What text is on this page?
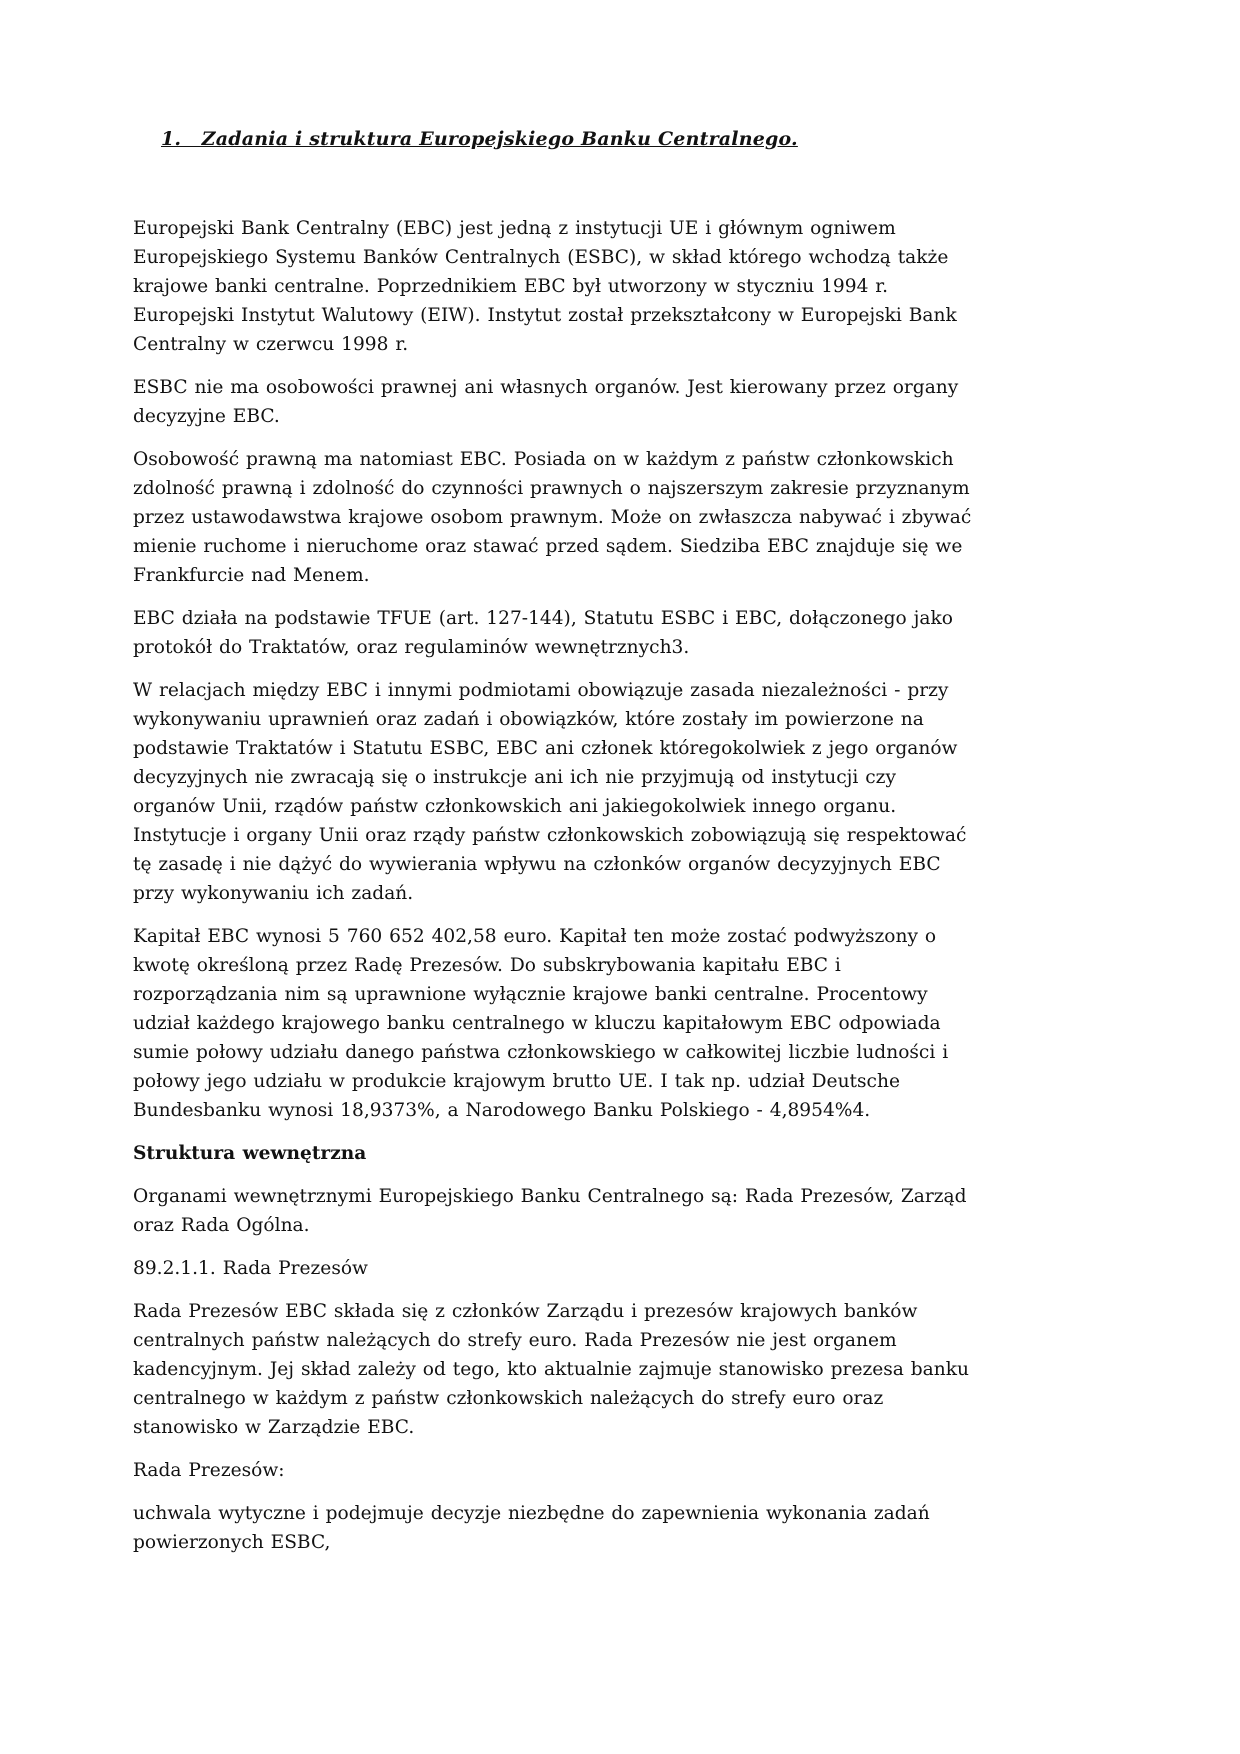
1.   Zadania i struktura Europejskiego Banku Centralnego.

Europejski Bank Centralny (EBC) jest jedną z instytucji UE i głównym ogniwem Europejskiego Systemu Banków Centralnych (ESBC), w skład którego wchodzą także krajowe banki centralne. Poprzednikiem EBC był utworzony w styczniu 1994 r. Europejski Instytut Walutowy (EIW). Instytut został przekształcony w Europejski Bank Centralny w czerwcu 1998 r.

ESBC nie ma osobowości prawnej ani własnych organów. Jest kierowany przez organy decyzyjne EBC.

Osobowość prawną ma natomiast EBC. Posiada on w każdym z państw członkowskich zdolność prawną i zdolność do czynności prawnych o najszerszym zakresie przyznanym przez ustawodawstwa krajowe osobom prawnym. Może on zwłaszcza nabywać i zbywać mienie ruchome i nieruchome oraz stawać przed sądem. Siedziba EBC znajduje się we Frankfurcie nad Menem.

EBC działa na podstawie TFUE (art. 127-144), Statutu ESBC i EBC, dołączonego jako protokół do Traktatów, oraz regulaminów wewnętrznych3.

W relacjach między EBC i innymi podmiotami obowiązuje zasada niezależności - przy wykonywaniu uprawnień oraz zadań i obowiązków, które zostały im powierzone na podstawie Traktatów i Statutu ESBC, EBC ani członek któregokolwiek z jego organów decyzyjnych nie zwracają się o instrukcje ani ich nie przyjmują od instytucji czy organów Unii, rządów państw członkowskich ani jakiegokolwiek innego organu. Instytucje i organy Unii oraz rządy państw członkowskich zobowiązują się respektować tę zasadę i nie dążyć do wywierania wpływu na członków organów decyzyjnych EBC przy wykonywaniu ich zadań.

Kapitał EBC wynosi 5 760 652 402,58 euro. Kapitał ten może zostać podwyższony o kwotę określoną przez Radę Prezesów. Do subskrybowania kapitału EBC i rozporządzania nim są uprawnione wyłącznie krajowe banki centralne. Procentowy udział każdego krajowego banku centralnego w kluczu kapitałowym EBC odpowiada sumie połowy udziału danego państwa członkowskiego w całkowitej liczbie ludności i połowy jego udziału w produkcie krajowym brutto UE. I tak np. udział Deutsche Bundesbanku wynosi 18,9373%, a Narodowego Banku Polskiego - 4,8954%4.

Struktura wewnętrzna

Organami wewnętrznymi Europejskiego Banku Centralnego są: Rada Prezesów, Zarząd oraz Rada Ogólna.

89.2.1.1. Rada Prezesów

Rada Prezesów EBC składa się z członków Zarządu i prezesów krajowych banków centralnych państw należących do strefy euro. Rada Prezesów nie jest organem kadencyjnym. Jej skład zależy od tego, kto aktualnie zajmuje stanowisko prezesa banku centralnego w każdym z państw członkowskich należących do strefy euro oraz stanowisko w Zarządzie EBC.

Rada Prezesów:

uchwala wytyczne i podejmuje decyzje niezbędne do zapewnienia wykonania zadań powierzonych ESBC,
